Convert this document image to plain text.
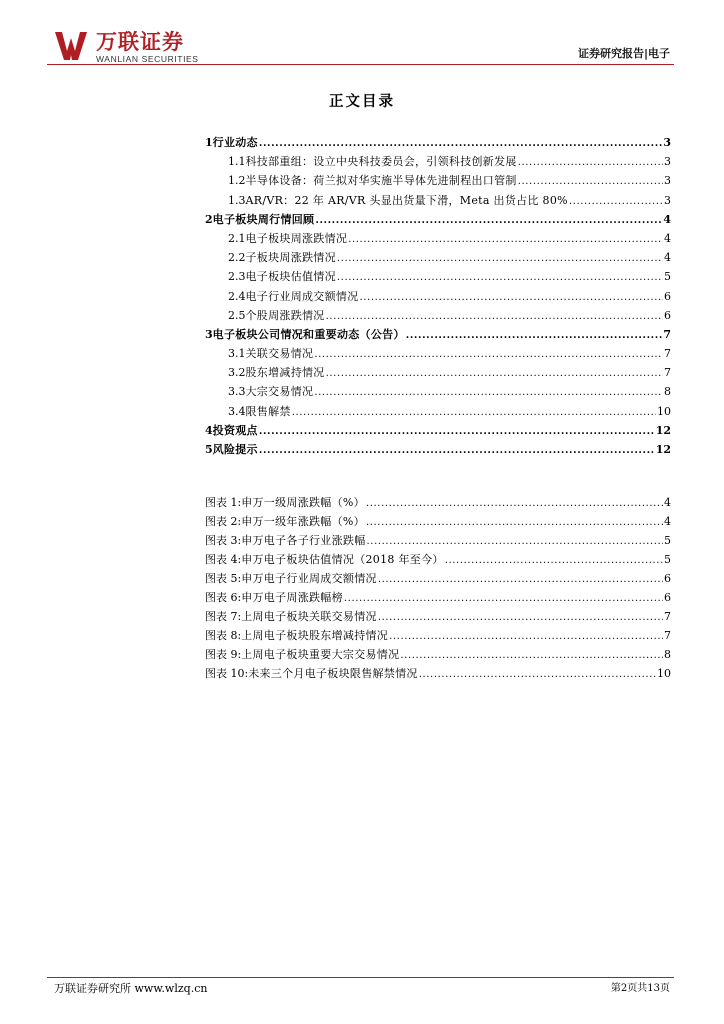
万联证券
WANLIAN SECURITIES	证券研究报告|电子
正文目录
1 行业动态 .....	3
1.1 科技部重组：设立中央科技委员会，引领科技创新发展 .....	3
1.2 半导体设备：荷兰拟对华实施半导体先进制程出口管制 .....	3
1.3 AR/VR：22 年 AR/VR 头显出货量下滑，Meta 出货占比 80% .....	3
2 电子板块周行情回顾 .....	4
2.1 电子板块周涨跌情况 .....	4
2.2 子板块周涨跌情况 .....	4
2.3 电子板块估值情况 .....	5
2.4 电子行业周成交额情况 .....	6
2.5 个股周涨跌情况 .....	6
3 电子板块公司情况和重要动态（公告） .....	7
3.1 关联交易情况 .....	7
3.2 股东增减持情况 .....	7
3.3 大宗交易情况 .....	8
3.4 限售解禁 .....	10
4 投资观点 .....	12
5 风险提示 .....	12
图表 1: 申万一级周涨跌幅（%） .....	4
图表 2: 申万一级年涨跌幅（%） .....	4
图表 3: 申万电子各子行业涨跌幅 .....	5
图表 4: 申万电子板块估值情况（2018 年至今） .....	5
图表 5: 申万电子行业周成交额情况 .....	6
图表 6: 申万电子周涨跌幅榜 .....	6
图表 7: 上周电子板块关联交易情况 .....	7
图表 8: 上周电子板块股东增减持情况 .....	7
图表 9: 上周电子板块重要大宗交易情况 .....	8
图表 10: 未来三个月电子板块限售解禁情况 .....	10
万联证券研究所 www.wlzq.cn	第2页共13页
